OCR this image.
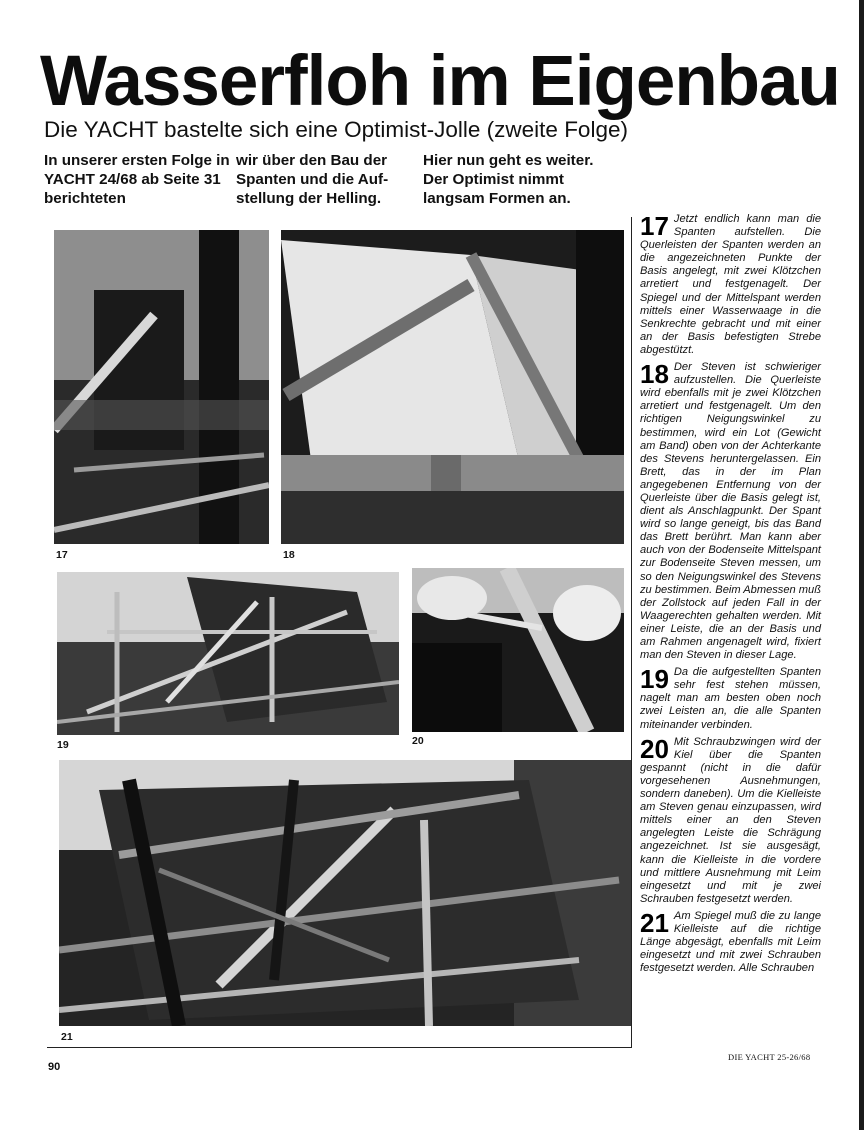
Wasserfloh im Eigenbau

Die YACHT bastelte sich eine Optimist-Jolle (zweite Folge)

In unserer ersten Folge in YACHT 24/68 ab Seite 31 berichteten

wir über den Bau der Spanten und die Aufstellung der Helling.

Hier nun geht es weiter. Der Optimist nimmt langsam Formen an.

17	18
19	20
21

17 Jetzt endlich kann man die Spanten aufstellen. Die Querleisten der Spanten werden an die angezeichneten Punkte der Basis angelegt, mit zwei Klötzchen arretiert und festgenagelt. Der Spiegel und der Mittelspant werden mittels einer Wasserwaage in die Senkrechte gebracht und mit einer an der Basis befestigten Strebe abgestützt.

18 Der Steven ist schwieriger aufzustellen. Die Querleiste wird ebenfalls mit je zwei Klötzchen arretiert und festgenagelt. Um den richtigen Neigungswinkel zu bestimmen, wird ein Lot (Gewicht am Band) oben von der Achterkante des Stevens heruntergelassen. Ein Brett, das in der im Plan angegebenen Entfernung von der Querleiste über die Basis gelegt ist, dient als Anschlagpunkt. Der Spant wird so lange geneigt, bis das Band das Brett berührt. Man kann aber auch von der Bodenseite Mittelspant zur Bodenseite Steven messen, um so den Neigungswinkel des Stevens zu bestimmen. Beim Abmessen muß der Zollstock auf jeden Fall in der Waagerechten gehalten werden. Mit einer Leiste, die an der Basis und am Rahmen angenagelt wird, fixiert man den Steven in dieser Lage.

19 Da die aufgestellten Spanten sehr fest stehen müssen, nagelt man am besten oben noch zwei Leisten an, die alle Spanten miteinander verbinden.

20 Mit Schraubzwingen wird der Kiel über die Spanten gespannt (nicht in die dafür vorgesehenen Ausnehmungen, sondern daneben). Um die Kielleiste am Steven genau einzupassen, wird mittels einer an den Steven angelegten Leiste die Schrägung angezeichnet. Ist sie ausgesägt, kann die Kielleiste in die vordere und mittlere Ausnehmung mit Leim eingesetzt und mit je zwei Schrauben festgesetzt werden.

21 Am Spiegel muß die zu lange Kielleiste auf die richtige Länge abgesägt, ebenfalls mit Leim eingesetzt und mit zwei Schrauben festgesetzt werden. Alle Schrauben

90
DIE YACHT 25-26/68
